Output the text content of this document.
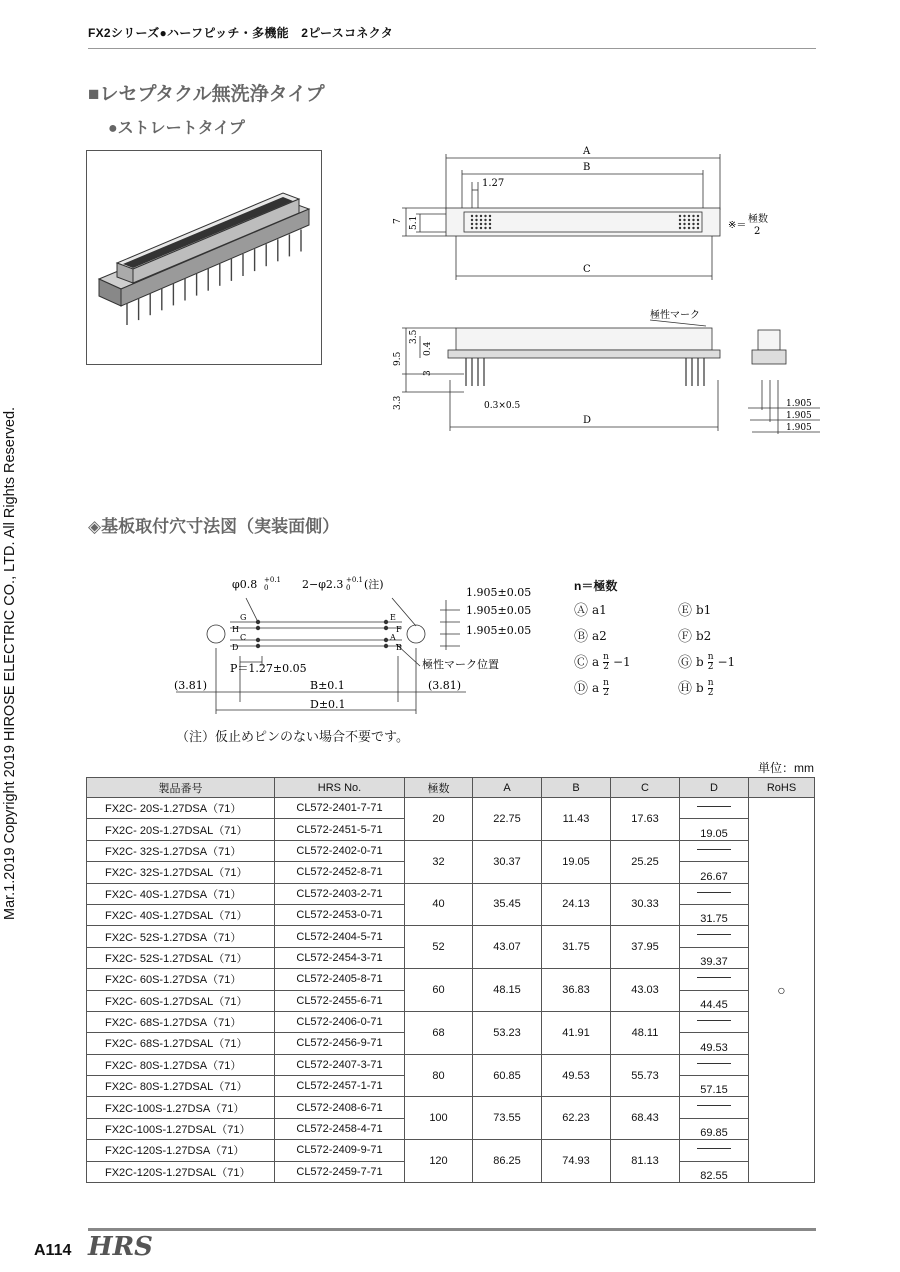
FX2シリーズ●ハーフピッチ・多機能　2ピースコネクタ
Mar.1.2019 Copyright 2019 HIROSE ELECTRIC CO., LTD. All Rights Reserved.
■レセプタクル無洗浄タイプ
●ストレートタイプ
A
B
1.27
C
7 5.1	※＝
極数
2
極性マーク
9.5
3.5
0.4
3
3.3	0.3×0.5
D
1.905
1.905
1.905
◈基板取付穴寸法図（実装面側）
G
H
C
D
E
F
A
B
φ0.8 +0.1
0	2−φ2.3 +0.1
0 (注)
1.905±0.05
1.905±0.05
1.905±0.05
極性マーク位置
P＝1.27±0.05
B±0.1
D±0.1
(3.81)	(3.81)
（注）仮止めピンのない場合不要です。
n＝極数
Ⓐ a1	Ⓔ b1
Ⓑ a2	Ⓕ b2
Ⓒ a $\frac{n}{2} -1$	Ⓖ b $\frac{n}{2} -1$
Ⓓ a $\frac{n}{2}$	Ⓗ b $\frac{n}{2}$
単位：mm
製品番号	HRS No.	極数	A	B	C	D	RoHS
FX2C- 20S-1.27DSA（71）	CL572-2401-7-71	20	22.75	11.43	17.63		○
FX2C- 20S-1.27DSAL（71）	CL572-2451-5-71					19.05	
FX2C- 32S-1.27DSA（71）	CL572-2402-0-71	32	30.37	19.05	25.25		

FX2C- 32S-1.27DSAL（71）	CL572-2452-8-71					26.67	
FX2C- 40S-1.27DSA（71）	CL572-2403-2-71	40	35.45	24.13	30.33		

FX2C- 40S-1.27DSAL（71）	CL572-2453-0-71					31.75	
FX2C- 52S-1.27DSA（71）	CL572-2404-5-71	52	43.07	31.75	37.95		

FX2C- 52S-1.27DSAL（71）	CL572-2454-3-71					39.37	
FX2C- 60S-1.27DSA（71）	CL572-2405-8-71	60	48.15	36.83	43.03		

FX2C- 60S-1.27DSAL（71）	CL572-2455-6-71					44.45	
FX2C- 68S-1.27DSA（71）	CL572-2406-0-71	68	53.23	41.91	48.11		

FX2C- 68S-1.27DSAL（71）	CL572-2456-9-71					49.53	
FX2C- 80S-1.27DSA（71）	CL572-2407-3-71	80	60.85	49.53	55.73		

FX2C- 80S-1.27DSAL（71）	CL572-2457-1-71					57.15	
FX2C-100S-1.27DSA（71）	CL572-2408-6-71	100	73.55	62.23	68.43		

FX2C-100S-1.27DSAL（71）	CL572-2458-4-71					69.85	
FX2C-120S-1.27DSA（71）	CL572-2409-9-71	120	86.25	74.93	81.13		

FX2C-120S-1.27DSAL（71）	CL572-2459-7-71					82.55	
A114 HRS
